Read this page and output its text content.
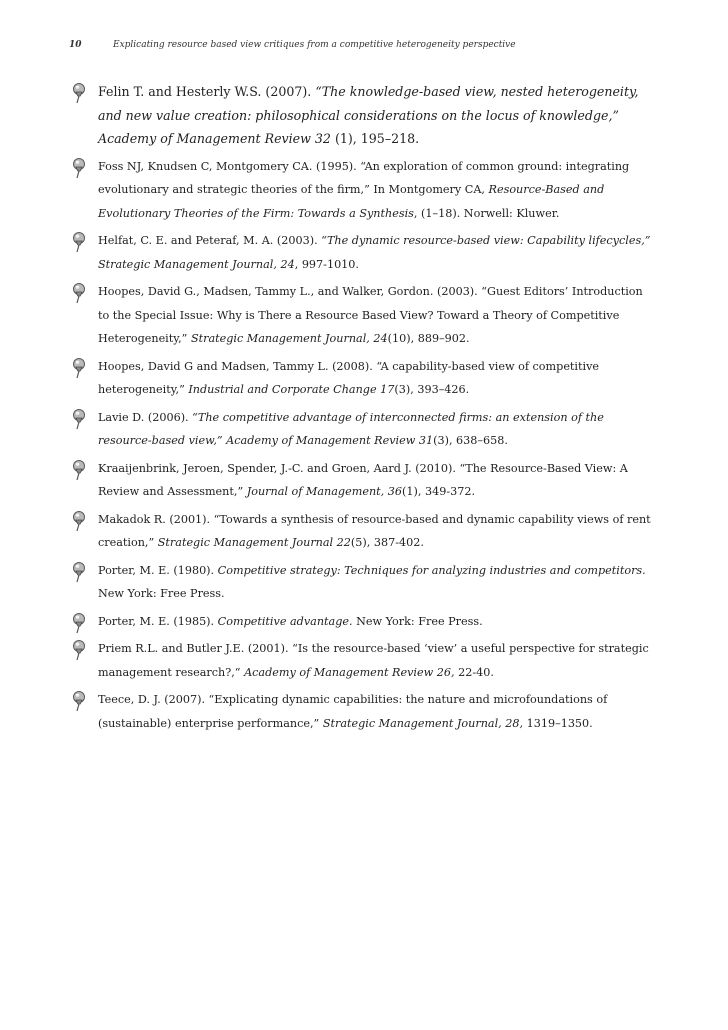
10	Explicating resource based view critiques from a competitive heterogeneity perspective
Felin T. and Hesterly W.S. (2007). “The knowledge-based view, nested heterogeneity, and new value creation: philosophical considerations on the locus of knowledge,” Academy of Management Review 32 (1), 195–218.
Foss NJ, Knudsen C, Montgomery CA. (1995). “An exploration of common ground: integrating evolutionary and strategic theories of the firm,” In Montgomery CA, Resource-Based and Evolutionary Theories of the Firm: Towards a Synthesis, (1–18). Norwell: Kluwer.
Helfat, C. E. and Peteraf, M. A. (2003). “The dynamic resource-based view: Capability lifecycles,” Strategic Management Journal, 24, 997-1010.
Hoopes, David G., Madsen, Tammy L., and Walker, Gordon. (2003). “Guest Editors’ Introduction to the Special Issue: Why is There a Resource Based View? Toward a Theory of Competitive Heterogeneity,” Strategic Management Journal, 24(10), 889–902.
Hoopes, David G and Madsen, Tammy L. (2008). “A capability-based view of competitive heterogeneity,” Industrial and Corporate Change 17(3), 393–426.
Lavie D. (2006). “The competitive advantage of interconnected firms: an extension of the resource-based view,” Academy of Management Review 31(3), 638–658.
Kraaijenbrink, Jeroen, Spender, J.-C. and Groen, Aard J. (2010). “The Resource-Based View: A Review and Assessment,” Journal of Management, 36(1), 349-372.
Makadok R. (2001). “Towards a synthesis of resource-based and dynamic capability views of rent creation,” Strategic Management Journal 22(5), 387-402.
Porter, M. E. (1980). Competitive strategy: Techniques for analyzing industries and competitors. New York: Free Press.
Porter, M. E. (1985). Competitive advantage. New York: Free Press.
Priem R.L. and Butler J.E. (2001). “Is the resource-based ‘view’ a useful perspective for strategic management research?,“ Academy of Management Review 26, 22-40.
Teece, D. J. (2007). “Explicating dynamic capabilities: the nature and microfoundations of (sustainable) enterprise performance,” Strategic Management Journal, 28, 1319–1350.
